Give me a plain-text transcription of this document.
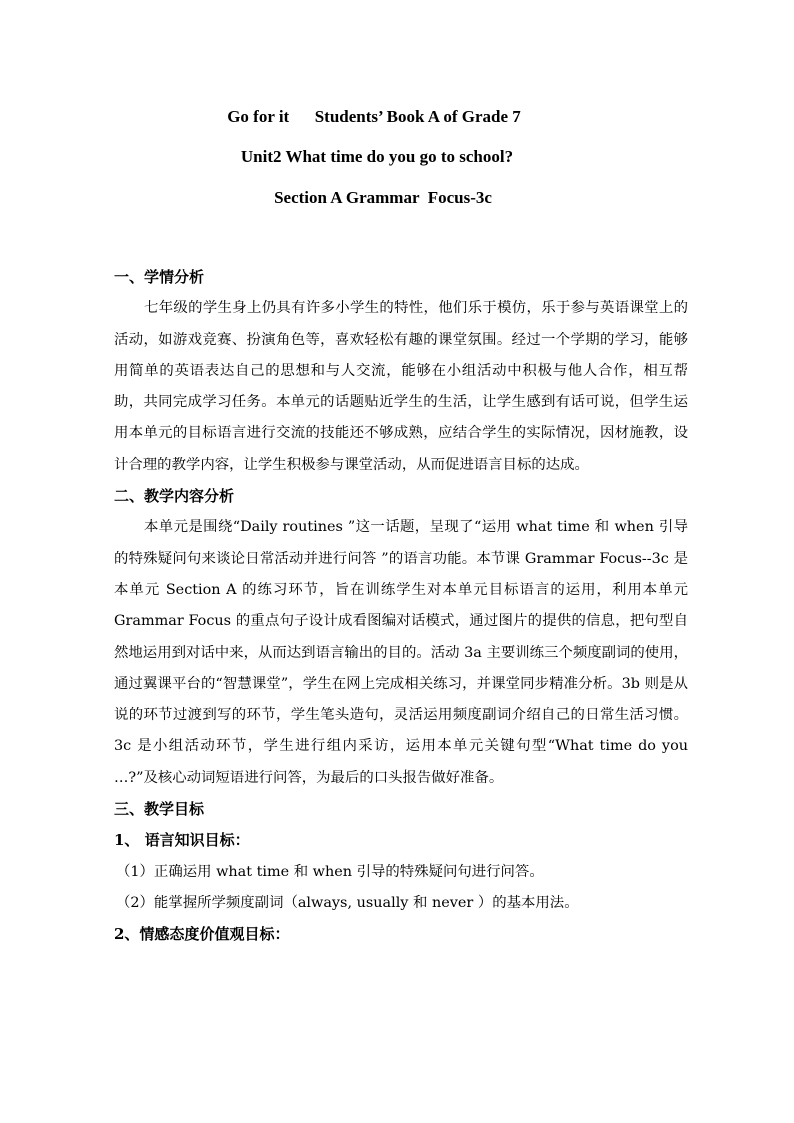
Go for it      Students’ Book A of Grade 7
Unit2 What time do you go to school?
Section A Grammar  Focus-3c

一、学情分析

七年级的学生身上仍具有许多小学生的特性，他们乐于模仿，乐于参与英语课堂上的活动，如游戏竞赛、扮演角色等，喜欢轻松有趣的课堂氛围。经过一个学期的学习，能够用简单的英语表达自己的思想和与人交流，能够在小组活动中积极与他人合作，相互帮助，共同完成学习任务。本单元的话题贴近学生的生活，让学生感到有话可说，但学生运用本单元的目标语言进行交流的技能还不够成熟，应结合学生的实际情况，因材施教，设计合理的教学内容，让学生积极参与课堂活动，从而促进语言目标的达成。

二、教学内容分析

本单元是围绕“Daily routines ”这一话题，呈现了“运用 what time 和 when 引导的特殊疑问句来谈论日常活动并进行问答 ”的语言功能。本节课 Grammar Focus--3c 是本单元 Section A 的练习环节，旨在训练学生对本单元目标语言的运用，利用本单元 Grammar Focus 的重点句子设计成看图编对话模式，通过图片的提供的信息，把句型自然地运用到对话中来，从而达到语言输出的目的。活动 3a 主要训练三个频度副词的使用，通过翼课平台的“智慧课堂”，学生在网上完成相关练习，并课堂同步精准分析。3b 则是从说的环节过渡到写的环节，学生笔头造句，灵活运用频度副词介绍自己的日常生活习惯。3c 是小组活动环节，学生进行组内采访，运用本单元关键句型“What time do you …?”及核心动词短语进行问答，为最后的口头报告做好准备。

三、教学目标

1、 语言知识目标：

（1）正确运用 what time 和 when 引导的特殊疑问句进行问答。

（2）能掌握所学频度副词（always, usually 和 never ）的基本用法。

2、情感态度价值观目标：
